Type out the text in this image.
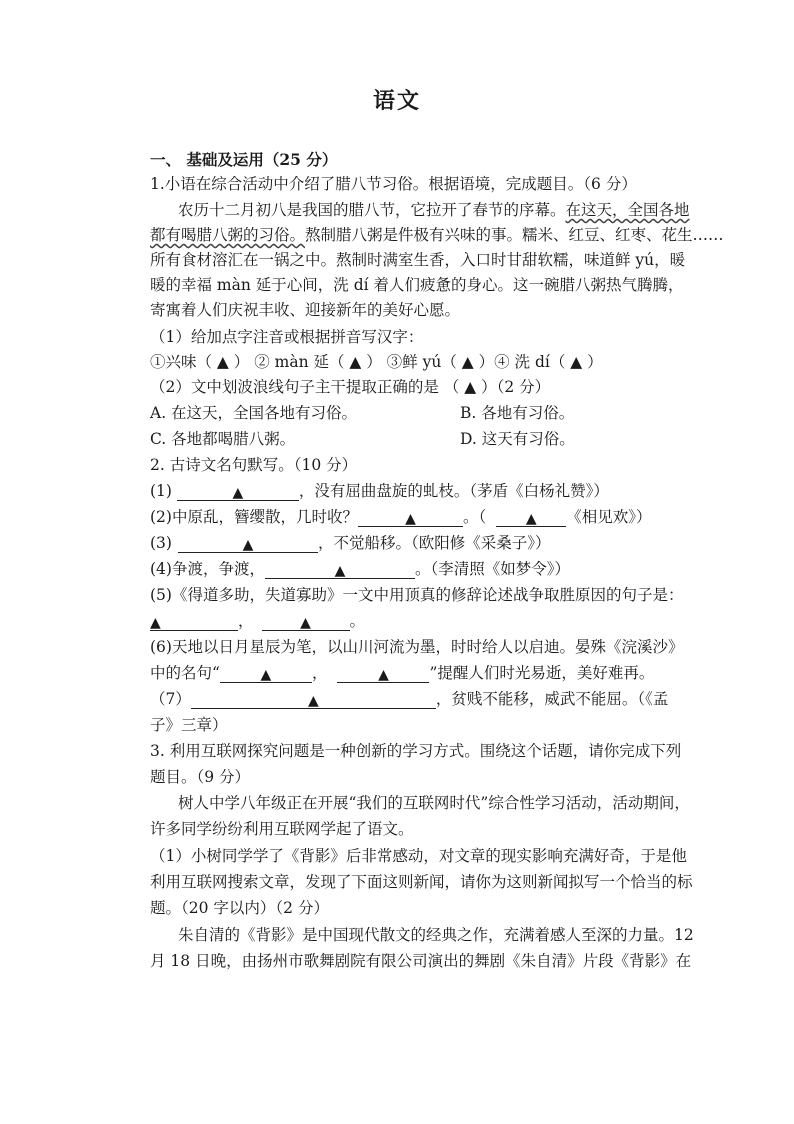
语文
一、 基础及运用（25 分）
1.小语在综合活动中介绍了腊八节习俗。根据语境，完成题目。（6 分）
农历十二月初八是我国的腊八节，它拉开了春节的序幕。在这天，全国各地
都有喝腊八粥的习俗。熬制腊八粥是件极有兴味的事。糯米、红豆、红枣、花生……
所有食材溶汇在一锅之中。熬制时满室生香，入口时甘甜软糯，味道鲜 yú，暖
暖的幸福 màn 延于心间，洗 dí 着人们疲惫的身心。这一碗腊八粥热气腾腾，
寄寓着人们庆祝丰收、迎接新年的美好心愿。
（1）给加点字注音或根据拼音写汉字：
①兴味（ ▲ ） ② màn 延（ ▲ ） ③鲜 yú（ ▲ ）④ 洗 dí（ ▲ ）
（2）文中划波浪线句子主干提取正确的是 （ ▲ ）（2 分）
A. 在这天，全国各地有习俗。	B. 各地有习俗。
C. 各地都喝腊八粥。	D. 这天有习俗。
2. 古诗文名句默写。（10 分）
(1)	▲	，没有屈曲盘旋的虬枝。（茅盾《白杨礼赞》）
(2)中原乱，簪缨散，几时收？	▲	。（	▲ 《相见欢》）
(3)	▲	，不觉船移。（欧阳修《采桑子》）
(4)争渡，争渡，	▲	。（李清照《如梦令》）
(5)《得道多助，失道寡助》一文中用顶真的修辞论述战争取胜原因的句子是：
▲	，	▲ 。
(6)天地以日月星辰为笔，以山川河流为墨，时时给人以启迪。晏殊《浣溪沙》
中的名句“	▲	，	▲	”提醒人们时光易逝，美好难再。
（7）	▲	，贫贱不能移，威武不能屈。（《孟
子》三章）
3. 利用互联网探究问题是一种创新的学习方式。围绕这个话题，请你完成下列
题目。（9 分）
树人中学八年级正在开展“我们的互联网时代”综合性学习活动，活动期间，
许多同学纷纷利用互联网学起了语文。
（1）小树同学学了《背影》后非常感动，对文章的现实影响充满好奇，于是他
利用互联网搜索文章，发现了下面这则新闻，请你为这则新闻拟写一个恰当的标
题。（20 字以内）（2 分）
朱自清的《背影》是中国现代散文的经典之作，充满着感人至深的力量。12
月 18 日晚，由扬州市歌舞剧院有限公司演出的舞剧《朱自清》片段《背影》在
